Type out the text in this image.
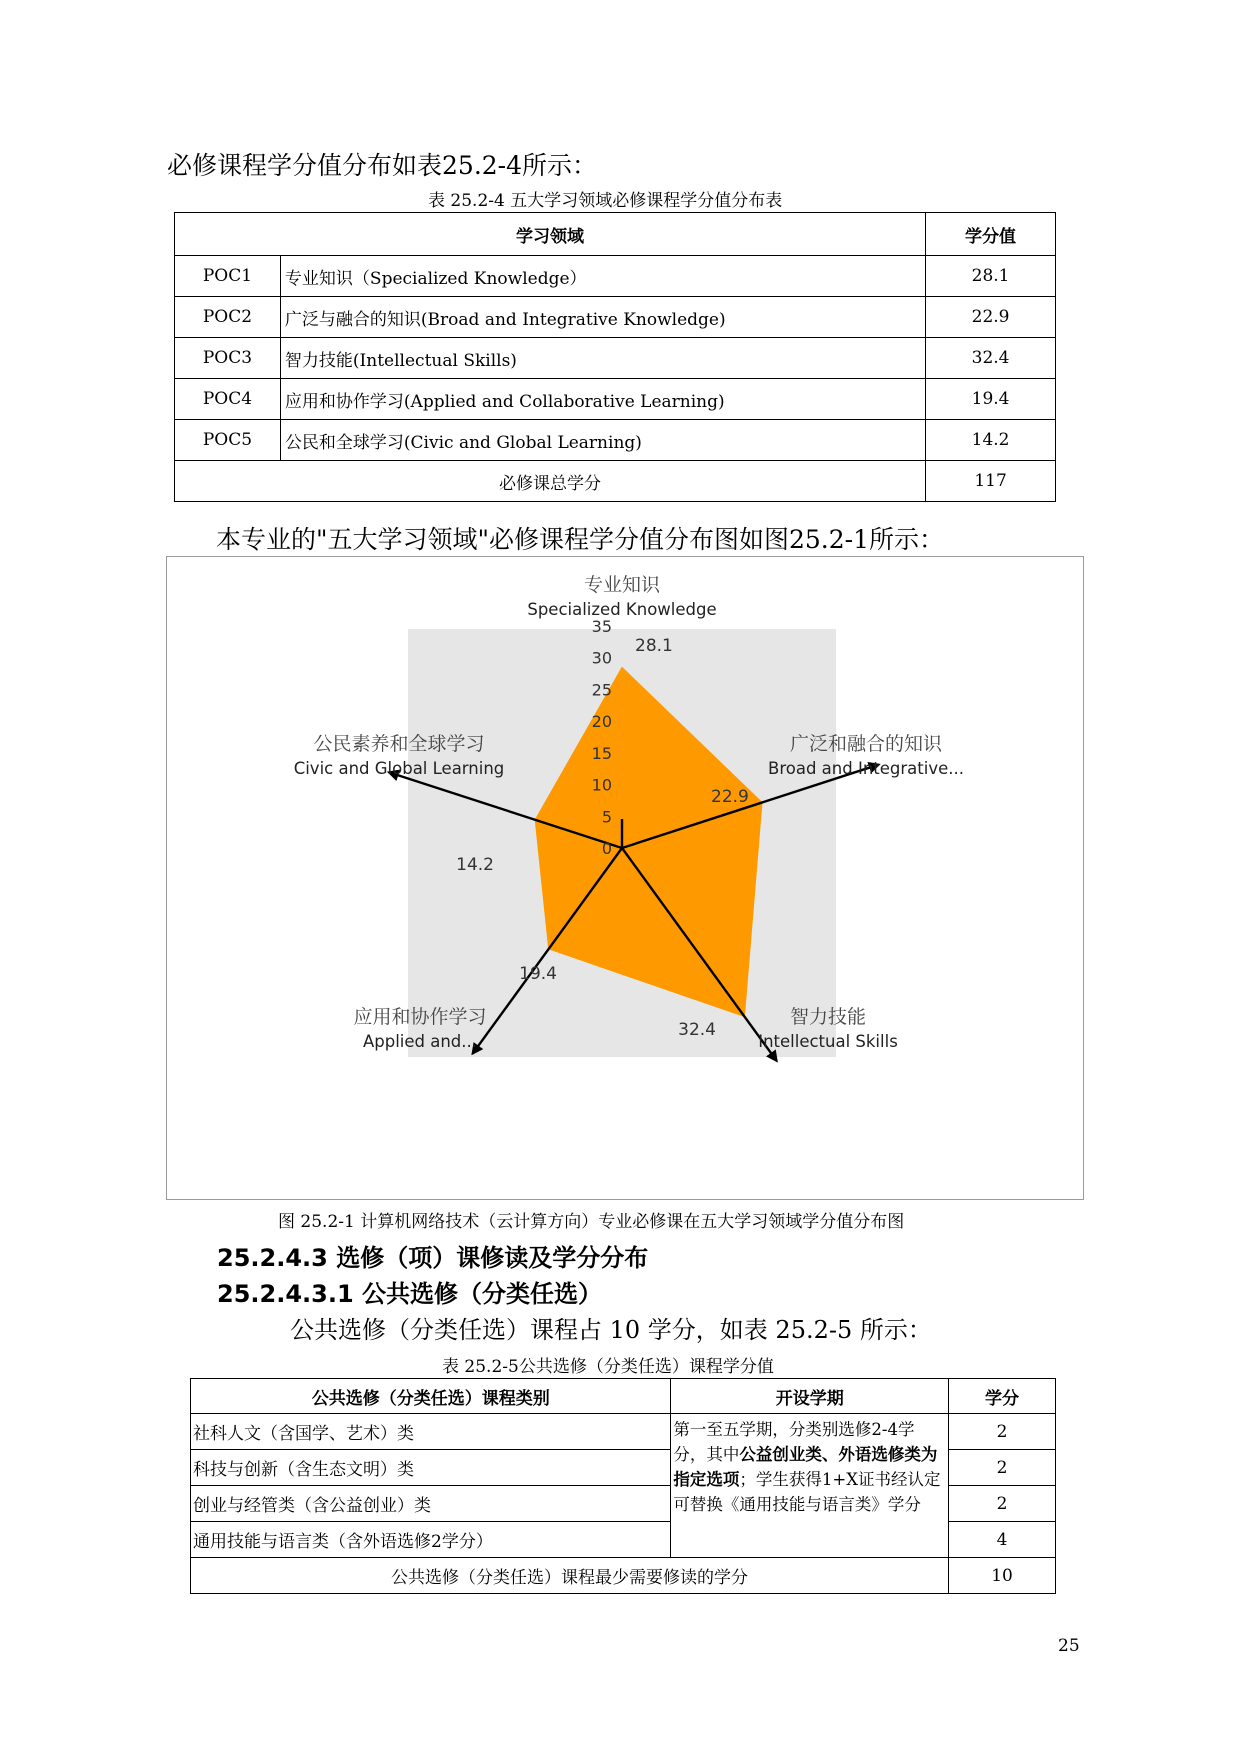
必修课程学分值分布如表25.2-4所示：
表 25.2-4 五大学习领域必修课程学分值分布表
学习领域		学分值
POC1	专业知识（Specialized Knowledge）	28.1
POC2	广泛与融合的知识(Broad and Integrative Knowledge)	22.9
POC3	智力技能(Intellectual Skills)	32.4
POC4	应用和协作学习(Applied and Collaborative Learning)	19.4
POC5	公民和全球学习(Civic and Global Learning)	14.2
必修课总学分		117
本专业的"五大学习领域"必修课程学分值分布图如图25.2-1所示：
0
5
10
15
20
25
30
35
28.1
22.9
32.4
19.4
14.2
专业知识
Specialized Knowledge
广泛和融合的知识
Broad and Integrative...
智力技能
Intellectual Skills
应用和协作学习
Applied and...
公民素养和全球学习
Civic and Global Learning
图 25.2-1 计算机网络技术（云计算方向）专业必修课在五大学习领域学分值分布图
25.2.4.3 选修（项）课修读及学分分布
25.2.4.3.1 公共选修（分类任选）
公共选修（分类任选）课程占 10 学分，如表 25.2-5 所示：
表 25.2-5公共选修（分类任选）课程学分值
公共选修（分类任选）课程类别	开设学期	学分
社科人文（含国学、艺术）类	第一至五学期，分类别选修2-4学分，其中公益创业类、外语选修类为指定选项；学生获得1+X证书经认定可替换《通用技能与语言类》学分	2
科技与创新（含生态文明）类		2
创业与经管类（含公益创业）类		2
通用技能与语言类（含外语选修2学分）		4
公共选修（分类任选）课程最少需要修读的学分		10
25
